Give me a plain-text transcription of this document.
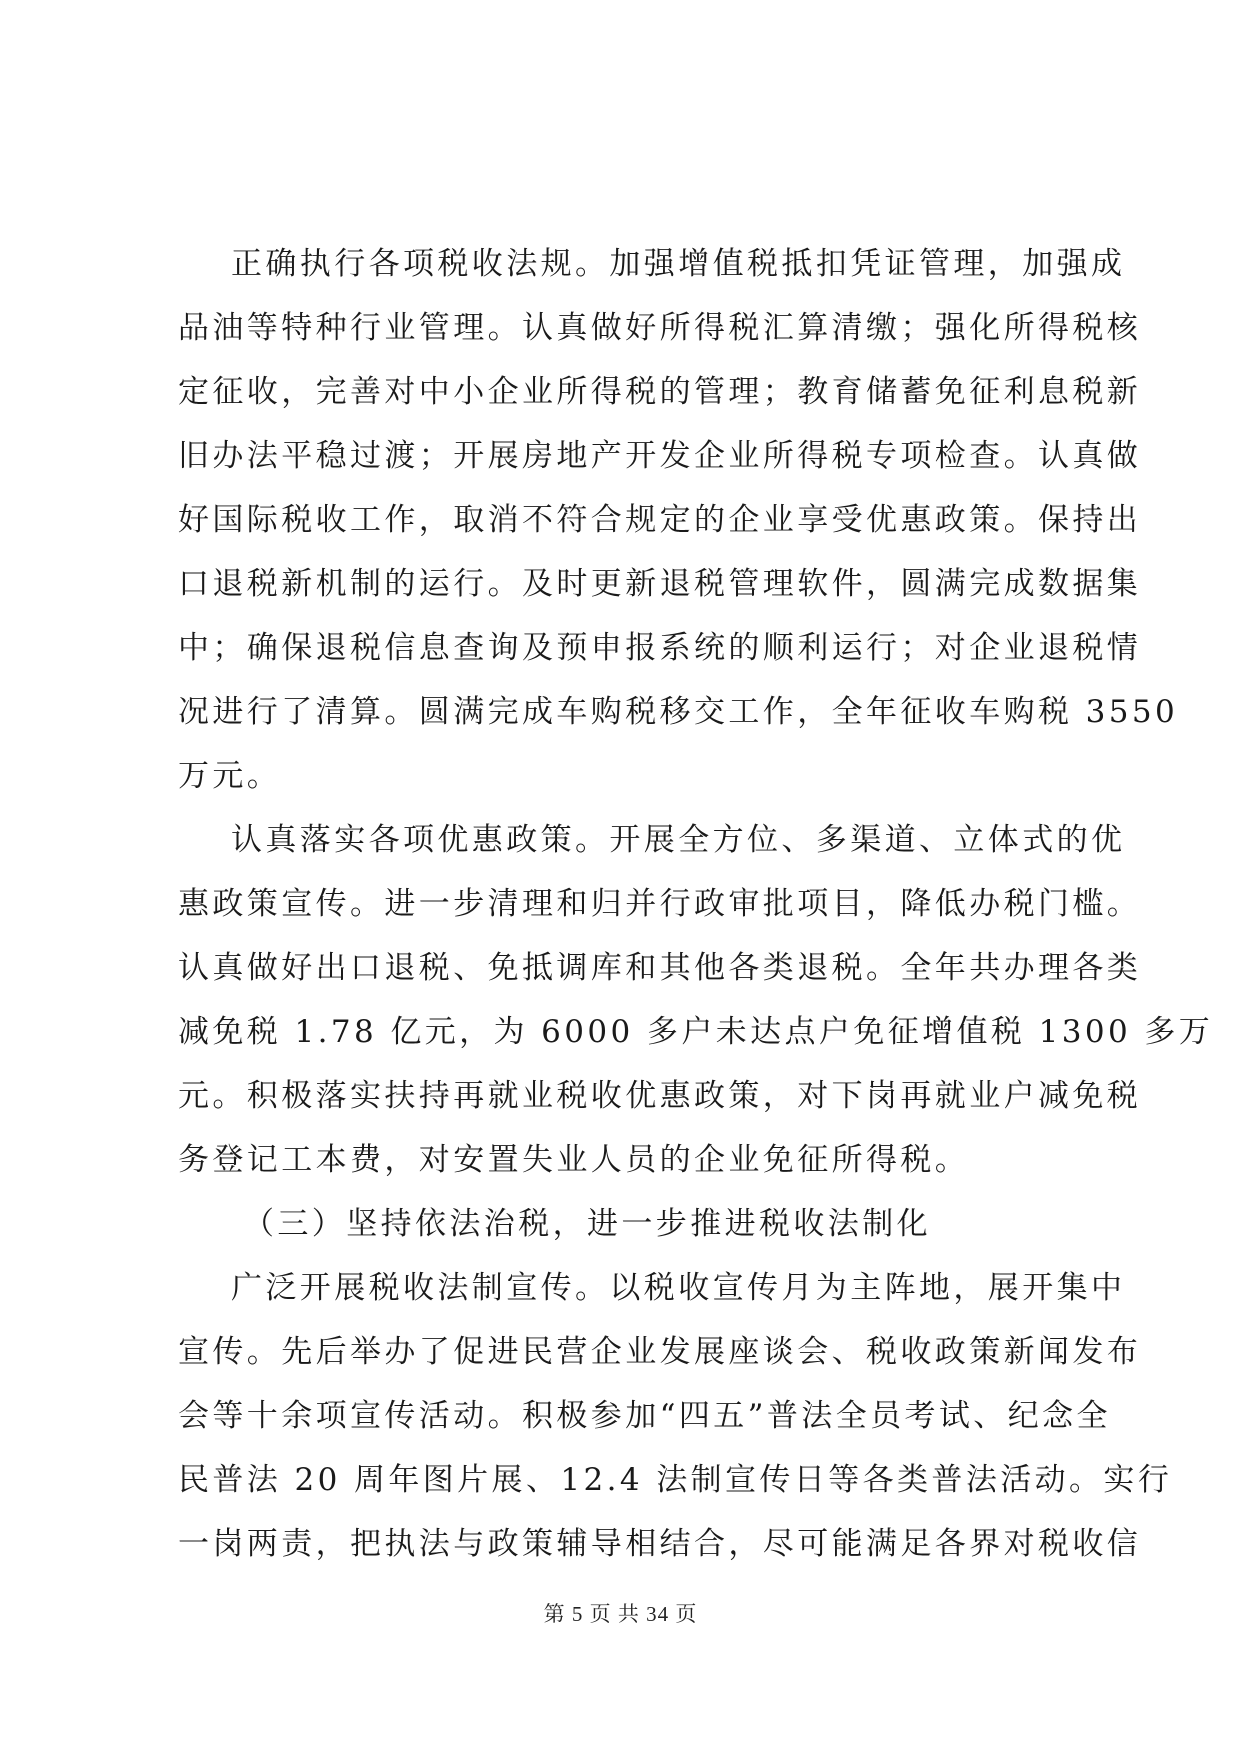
正确执行各项税收法规。加强增值税抵扣凭证管理，加强成
品油等特种行业管理。认真做好所得税汇算清缴；强化所得税核
定征收，完善对中小企业所得税的管理；教育储蓄免征利息税新
旧办法平稳过渡；开展房地产开发企业所得税专项检查。认真做
好国际税收工作，取消不符合规定的企业享受优惠政策。保持出
口退税新机制的运行。及时更新退税管理软件，圆满完成数据集
中；确保退税信息查询及预申报系统的顺利运行；对企业退税情
况进行了清算。圆满完成车购税移交工作，全年征收车购税 3550
万元。
认真落实各项优惠政策。开展全方位、多渠道、立体式的优
惠政策宣传。进一步清理和归并行政审批项目，降低办税门槛。
认真做好出口退税、免抵调库和其他各类退税。全年共办理各类
减免税 1.78 亿元，为 6000 多户未达点户免征增值税 1300 多万
元。积极落实扶持再就业税收优惠政策，对下岗再就业户减免税
务登记工本费，对安置失业人员的企业免征所得税。
（三）坚持依法治税，进一步推进税收法制化
广泛开展税收法制宣传。以税收宣传月为主阵地，展开集中
宣传。先后举办了促进民营企业发展座谈会、税收政策新闻发布
会等十余项宣传活动。积极参加“四五”普法全员考试、纪念全
民普法 20 周年图片展、12.4 法制宣传日等各类普法活动。实行
一岗两责，把执法与政策辅导相结合，尽可能满足各界对税收信
第 5 页 共 34 页
